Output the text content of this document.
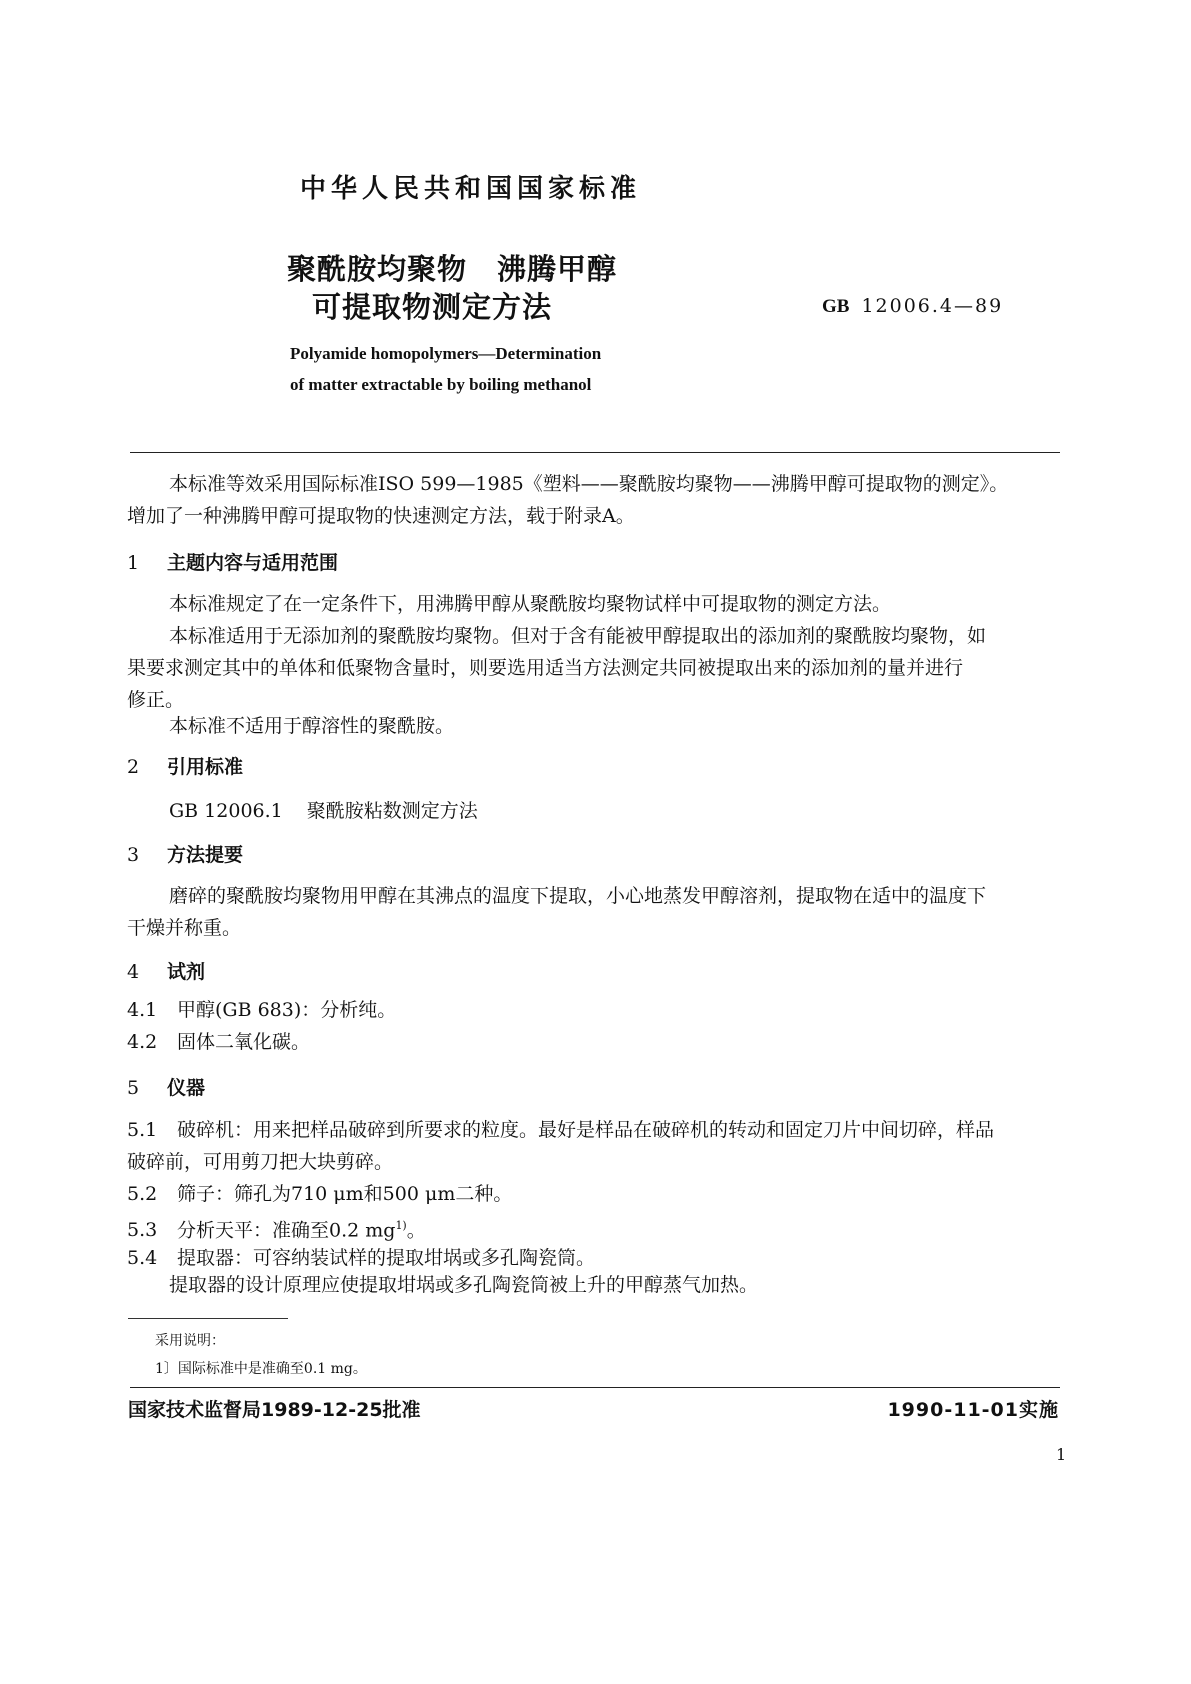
中华人民共和国国家标准
聚酰胺均聚物　沸腾甲醇
可提取物测定方法	GB 12006.4—89
Polyamide homopolymers—Determination
of matter extractable by boiling methanol
本标准等效采用国际标准ISO 599—1985《塑料——聚酰胺均聚物——沸腾甲醇可提取物的测定》。
增加了一种沸腾甲醇可提取物的快速测定方法，载于附录A。
1 主题内容与适用范围
本标准规定了在一定条件下，用沸腾甲醇从聚酰胺均聚物试样中可提取物的测定方法。
本标准适用于无添加剂的聚酰胺均聚物。但对于含有能被甲醇提取出的添加剂的聚酰胺均聚物，如
果要求测定其中的单体和低聚物含量时，则要选用适当方法测定共同被提取出来的添加剂的量并进行
修正。
本标准不适用于醇溶性的聚酰胺。
2 引用标准
GB 12006.1 聚酰胺粘数测定方法
3 方法提要
磨碎的聚酰胺均聚物用甲醇在其沸点的温度下提取，小心地蒸发甲醇溶剂，提取物在适中的温度下
干燥并称重。
4 试剂
4.1 甲醇(GB 683)：分析纯。
4.2 固体二氧化碳。
5 仪器
5.1 破碎机：用来把样品破碎到所要求的粒度。最好是样品在破碎机的转动和固定刀片中间切碎，样品
破碎前，可用剪刀把大块剪碎。
5.2 筛子：筛孔为710 μm和500 μm二种。
5.3 分析天平：准确至0.2 $mg^{1)}$。
5.4 提取器：可容纳装试样的提取坩埚或多孔陶瓷筒。
提取器的设计原理应使提取坩埚或多孔陶瓷筒被上升的甲醇蒸气加热。
采用说明：
1〕国际标准中是准确至0.1 mg。
国家技术监督局1989-12-25批准	1990-11-01实施
1
